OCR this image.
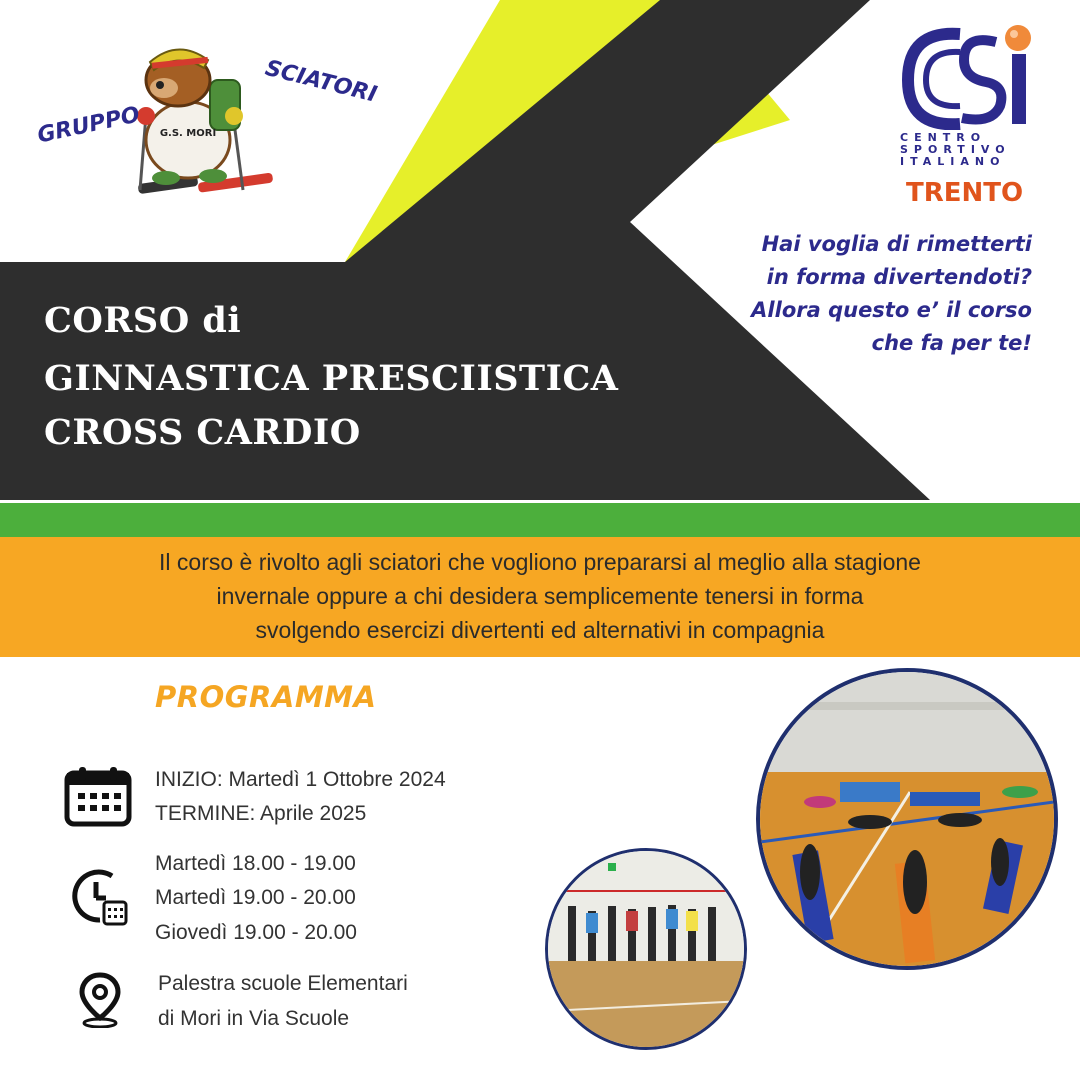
G.S. MORI
GRUPPO
SCIATORI
CENTRO
SPORTIVO
ITALIANO
TRENTO
CORSO di
GINNASTICA PRESCIISTICA
CROSS CARDIO
Hai voglia di rimetterti
in forma divertendoti?
Allora questo e’ il corso
che fa per te!
Il corso è rivolto agli sciatori che vogliono prepararsi al meglio alla stagione
invernale oppure a chi desidera semplicemente tenersi in forma
svolgendo esercizi divertenti ed alternativi in compagnia
PROGRAMMA
INIZIO: Martedì 1 Ottobre 2024
TERMINE: Aprile 2025
Martedì 18.00 - 19.00
Martedì 19.00 - 20.00
Giovedì 19.00 - 20.00
Palestra scuole Elementari
di Mori in Via Scuole
